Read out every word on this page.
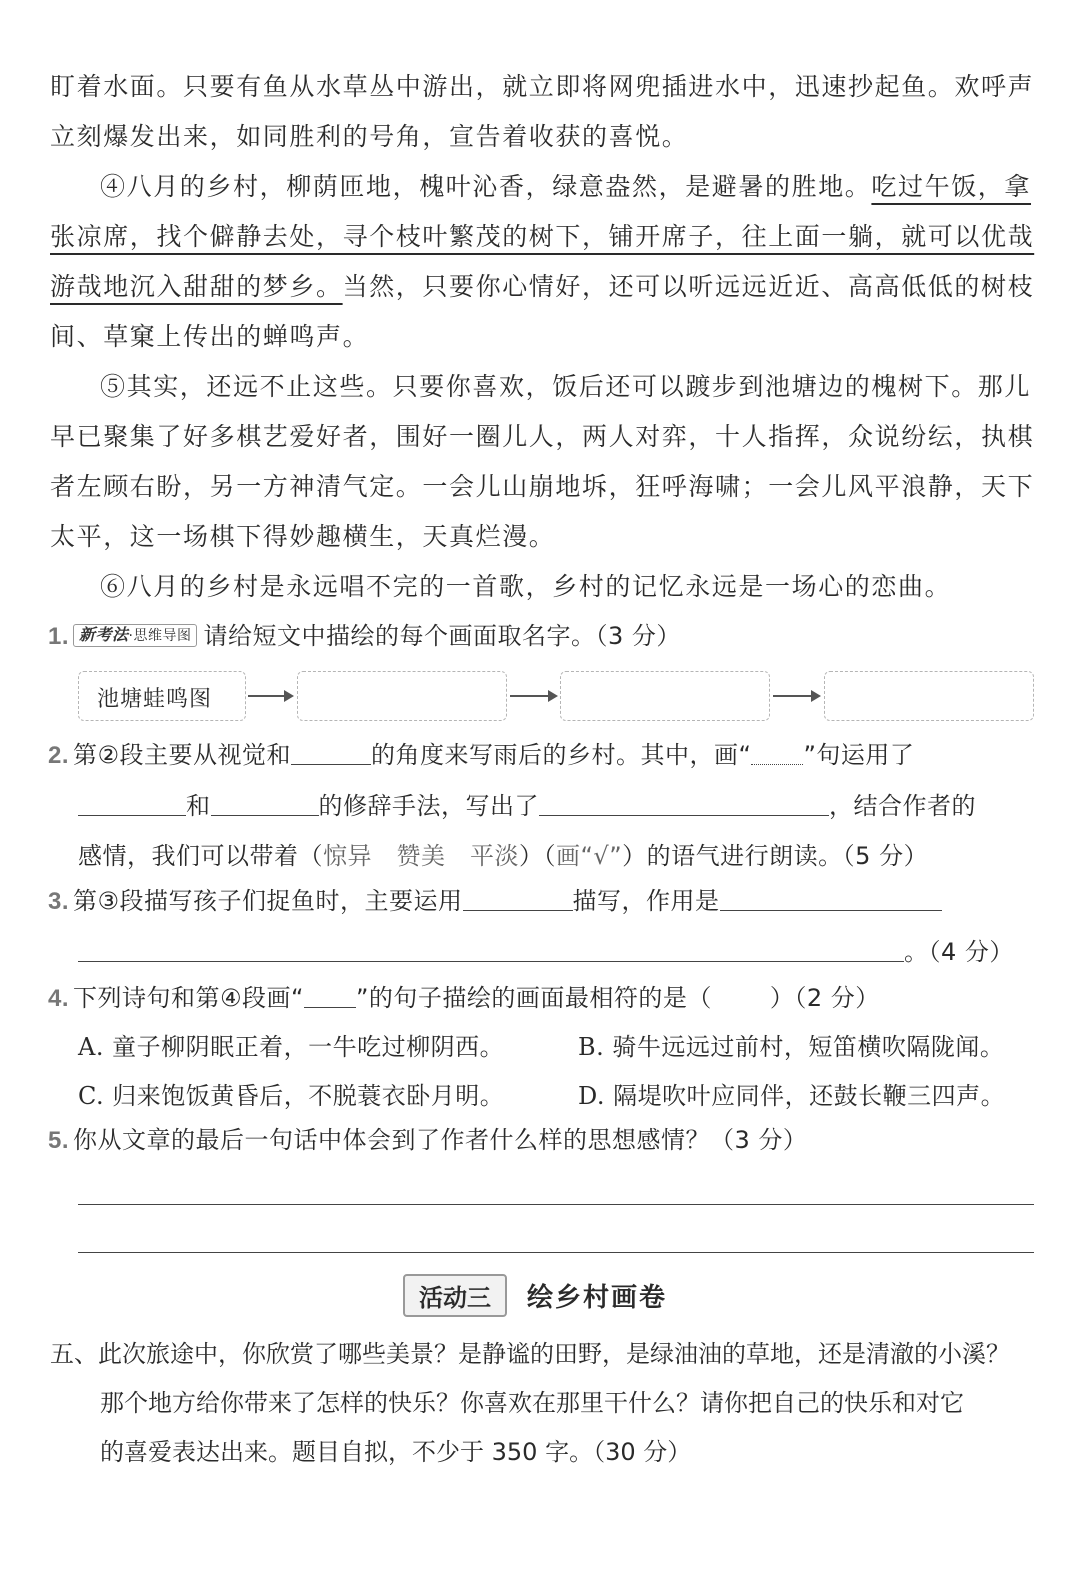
盯着水面。只要有鱼从水草丛中游出，就立即将网兜插进水中，迅速抄起鱼。欢呼声立刻爆发出来，如同胜利的号角，宣告着收获的喜悦。

④八月的乡村，柳荫匝地，槐叶沁香，绿意盎然，是避暑的胜地。吃过午饭，拿张凉席，找个僻静去处，寻个枝叶繁茂的树下，铺开席子，往上面一躺，就可以优哉游哉地沉入甜甜的梦乡。当然，只要你心情好，还可以听远远近近、高高低低的树枝间、草窠上传出的蝉鸣声。

⑤其实，还远不止这些。只要你喜欢，饭后还可以踱步到池塘边的槐树下。那儿早已聚集了好多棋艺爱好者，围好一圈儿人，两人对弈，十人指挥，众说纷纭，执棋者左顾右盼，另一方神清气定。一会儿山崩地坼，狂呼海啸；一会儿风平浪静，天下太平，这一场棋下得妙趣横生，天真烂漫。

⑥八月的乡村是永远唱不完的一首歌，乡村的记忆永远是一场心的恋曲。

1. 新考法·思维导图 请给短文中描绘的每个画面取名字。（3 分）
池塘蛙鸣图
2. 第②段主要从视觉和	的角度来写雨后的乡村。其中，画“ ”句运用了
和	的修辞手法，写出了	，结合作者的
感情，我们可以带着（惊异　赞美　平淡）（画“√”）的语气进行朗读。（5 分）
3. 第③段描写孩子们捉鱼时，主要运用	描写，作用是
。（4 分）
4. 下列诗句和第④段画“ ”的句子描绘的画面最相符的是（ ）（2 分）
A. 童子柳阴眠正着，一牛吃过柳阴西。	B. 骑牛远远过前村，短笛横吹隔陇闻。
C. 归来饱饭黄昏后，不脱蓑衣卧月明。	D. 隔堤吹叶应同伴，还鼓长鞭三四声。
5. 你从文章的最后一句话中体会到了作者什么样的思想感情？（3 分）
活动三	绘乡村画卷
五、此次旅途中，你欣赏了哪些美景？是静谧的田野，是绿油油的草地，还是清澈的小溪？
那个地方给你带来了怎样的快乐？你喜欢在那里干什么？请你把自己的快乐和对它
的喜爱表达出来。题目自拟，不少于 350 字。（30 分）
